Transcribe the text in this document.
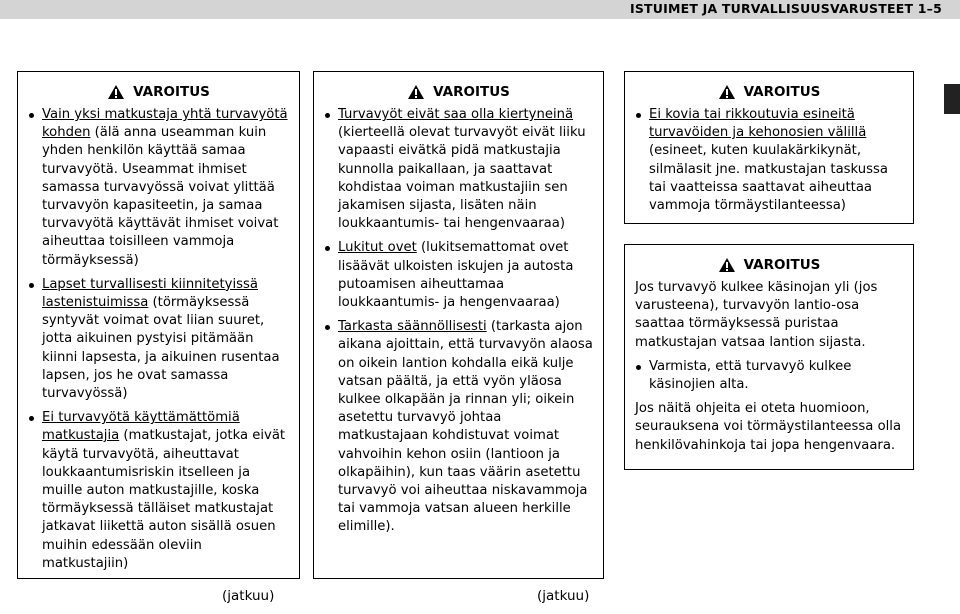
ISTUIMET JA TURVALLISUUSVARUSTEET 1–5
VAROITUS
Vain yksi matkustaja yhtä turvavyötä kohden (älä anna useamman kuin yhden henkilön käyttää samaa turvavyötä. Useammat ihmiset samassa turvavyössä voivat ylittää turvavyön kapasiteetin, ja samaa turvavyötä käyttävät ihmiset voivat aiheuttaa toisilleen vammoja törmäyksessä)
Lapset turvallisesti kiinnitetyissä lastenistuimissa (törmäyksessä syntyvät voimat ovat liian suuret, jotta aikuinen pystyisi pitämään kiinni lapsesta, ja aikuinen rusentaa lapsen, jos he ovat samassa turvavyössä)
Ei turvavyötä käyttämättömiä matkustajia (matkustajat, jotka eivät käytä turvavyötä, aiheuttavat loukkaantumisriskin itselleen ja muille auton matkustajille, koska törmäyksessä tälläiset matkustajat jatkavat liikettä auton sisällä osuen muihin edessään oleviin matkustajiin)
(jatkuu)
VAROITUS
Turvavyöt eivät saa olla kiertyneinä (kierteellä olevat turvavyöt eivät liiku vapaasti eivätkä pidä matkustajia kunnolla paikallaan, ja saattavat kohdistaa voiman matkustajiin sen jakamisen sijasta, lisäten näin loukkaantumis- tai hengenvaaraa)
Lukitut ovet (lukitsemattomat ovet lisäävät ulkoisten iskujen ja autosta putoamisen aiheuttamaa loukkaantumis- ja hengenvaaraa)
Tarkasta säännöllisesti (tarkasta ajon aikana ajoittain, että turvavyön alaosa on oikein lantion kohdalla eikä kulje vatsan päältä, ja että vyön yläosa kulkee olkapään ja rinnan yli; oikein asetettu turvavyö johtaa matkustajaan kohdistuvat voimat vahvoihin kehon osiin (lantioon ja olkapäihin), kun taas väärin asetettu turvavyö voi aiheuttaa niskavammoja tai vammoja vatsan alueen herkille elimille).
(jatkuu)
VAROITUS
Ei kovia tai rikkoutuvia esineitä turvavöiden ja kehonosien välillä (esineet, kuten kuulakärkikynät, silmälasit jne. matkustajan taskussa tai vaatteissa saattavat aiheuttaa vammoja törmäystilanteessa)
VAROITUS

Jos turvavyö kulkee käsinojan yli (jos varusteena), turvavyön lantio-osa saattaa törmäyksessä puristaa matkustajan vatsaa lantion sijasta.

Varmista, että turvavyö kulkee käsinojien alta.

Jos näitä ohjeita ei oteta huomioon, seurauksena voi törmäystilanteessa olla henkilövahinkoja tai jopa hengenvaara.
